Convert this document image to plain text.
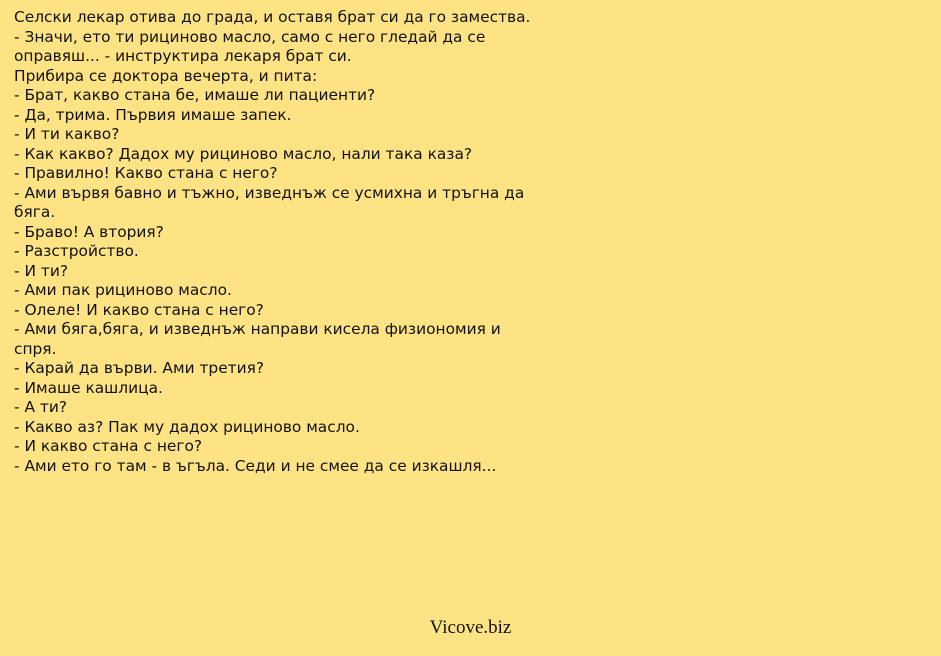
Селски лекар отива до града, и оставя брат си да го замества.
- Значи, ето ти рициново масло, само с него гледай да се
оправяш... - инструктира лекаря брат си.
Прибира се доктора вечерта, и пита:
- Брат, какво стана бе, имаше ли пациенти?
- Да, трима. Първия имаше запек.
- И ти какво?
- Как какво? Дадох му рициново масло, нали така каза?
- Правилно! Какво стана с него?
- Ами вървя бавно и тъжно, изведнъж се усмихна и тръгна да
бяга.
- Браво! А втория?
- Разстройство.
- И ти?
- Ами пак рициново масло.
- Олеле! И какво стана с него?
- Ами бяга,бяга, и изведнъж направи кисела физиономия и
спря.
- Карай да върви. Ами третия?
- Имаше кашлица.
- А ти?
- Какво аз? Пак му дадох рициново масло.
- И какво стана с него?
- Ами ето го там - в ъгъла. Седи и не смее да се изкашля...
Vicove.biz
